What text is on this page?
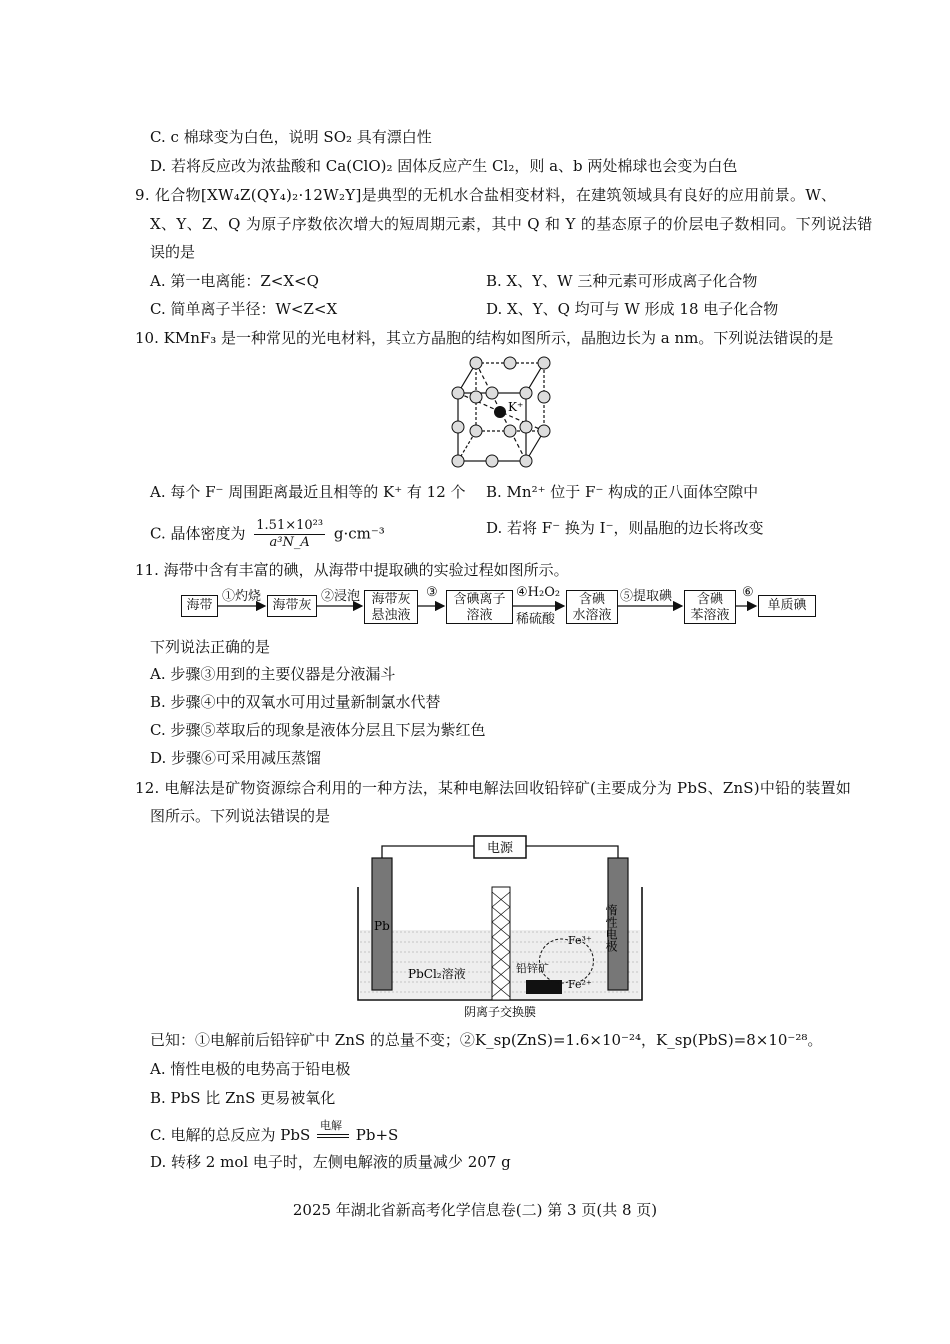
C. c 棉球变为白色，说明 SO₂ 具有漂白性
D. 若将反应改为浓盐酸和 Ca(ClO)₂ 固体反应产生 Cl₂，则 a、b 两处棉球也会变为白色
9. 化合物[XW₄Z(QY₄)₂·12W₂Y]是典型的无机水合盐相变材料，在建筑领域具有良好的应用前景。W、
X、Y、Z、Q 为原子序数依次增大的短周期元素，其中 Q 和 Y 的基态原子的价层电子数相同。下列说法错
误的是
A. 第一电离能：Z<X<Q	B. X、Y、W 三种元素可形成离子化合物
C. 简单离子半径：W<Z<X	D. X、Y、Q 均可与 W 形成 18 电子化合物
10. KMnF₃ 是一种常见的光电材料，其立方晶胞的结构如图所示，晶胞边长为 a nm。下列说法错误的是
K⁺
A. 每个 F⁻ 周围距离最近且相等的 K⁺ 有 12 个 B. Mn²⁺ 位于 F⁻ 构成的正八面体空隙中
C. 晶体密度为 $\frac{\text{1.51×10²³}}{\text{a³N\_A}} g\cdot cm^{-3}$	D. 若将 F⁻ 换为 I⁻，则晶胞的边长将改变
11. 海带中含有丰富的碘，从海带中提取碘的实验过程如图所示。
海带
①灼烧
海带灰
②浸泡 海带灰
悬浊液
③	含碘离子
溶液
④H₂O₂
稀硫酸
含碘
水溶液
⑤提取碘	含碘
苯溶液
⑥
单质碘
下列说法正确的是
A. 步骤③用到的主要仪器是分液漏斗
B. 步骤④中的双氧水可用过量新制氯水代替
C. 步骤⑤萃取后的现象是液体分层且下层为紫红色
D. 步骤⑥可采用减压蒸馏
12. 电解法是矿物资源综合利用的一种方法，某种电解法回收铅锌矿(主要成分为 PbS、ZnS)中铅的装置如
图所示。下列说法错误的是
电源
Pb	惰性电极
PbCl₂溶液	铅锌矿
Fe³⁺
Fe²⁺
阴离子交换膜
已知：①电解前后铅锌矿中 ZnS 的总量不变；②K_sp(ZnS)=1.6×10⁻²⁴，K_sp(PbS)=8×10⁻²⁸。
A. 惰性电极的电势高于铅电极
B. PbS 比 ZnS 更易被氧化
C. 电解的总反应为 PbS
电解
Pb+S
D. 转移 2 mol 电子时，左侧电解液的质量减少 207 g
2025 年湖北省新高考化学信息卷(二) 第 3 页(共 8 页)
